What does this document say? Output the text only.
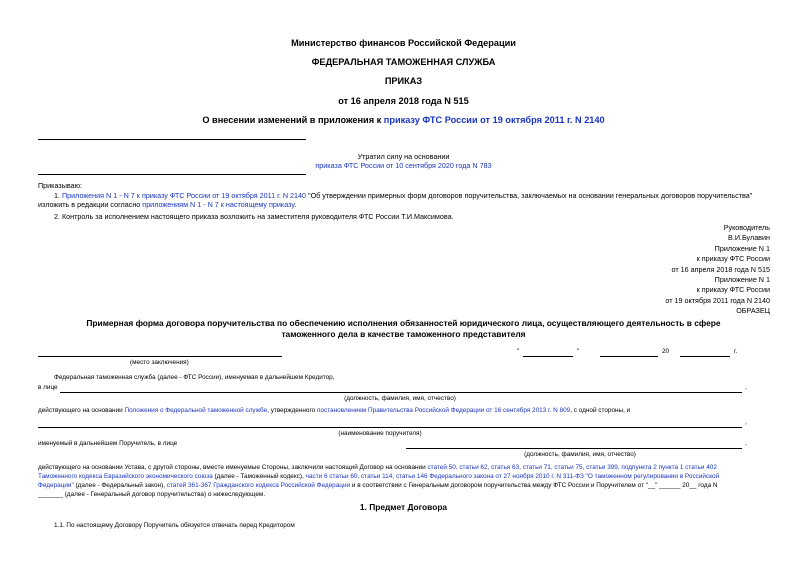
Министерство финансов Российской Федерации
ФЕДЕРАЛЬНАЯ ТАМОЖЕННАЯ СЛУЖБА
ПРИКАЗ
от 16 апреля 2018 года N 515
О внесении изменений в приложения к приказу ФТС России от 19 октября 2011 г. N 2140
Утратил силу на основании
приказа ФТС России от 10 сентября 2020 года N 783
Приказываю:
1. Приложения N 1 - N 7 к приказу ФТС России от 19 октября 2011 г. N 2140 "Об утверждении примерных форм договоров поручительства, заключаемых на основании генеральных договоров поручительства"
изложить в редакции согласно приложениям N 1 - N 7 к настоящему приказу.
2. Контроль за исполнением настоящего приказа возложить на заместителя руководителя ФТС России Т.И.Максимова.
Руководитель
В.И.Булавин
Приложение N 1
к приказу ФТС России
от 16 апреля 2018 года N 515
Приложение N 1
к приказу ФТС России
от 19 октября 2011 года N 2140
ОБРАЗЕЦ
Примерная форма договора поручительства по обеспечению исполнения обязанностей юридического лица, осуществляющего деятельность в сфере
таможенного дела в качестве таможенного представителя
(место заключения)
"	"	20	г.
Федеральная таможенная служба (далее - ФТС России), именуемая в дальнейшем Кредитор,
в лице	,
(должность, фамилия, имя, отчество)
действующего на основании Положения о Федеральной таможенной службе, утвержденного постановлением Правительства Российской Федерации от 16 сентября 2013 г. N 809, с одной стороны, и
,
(наименование поручителя)
именуемый в дальнейшем Поручитель, в лице	,
(должность, фамилия, имя, отчество)
действующего на основании Устава, с другой стороны, вместе именуемые Стороны, заключили настоящий Договор на основании статей 50, статьи 62, статья 63, статьи 71, статьи 75, статьи 399, подпункта 2 пункта 1 статьи 402
Таможенного кодекса Евразийского экономического союза (далее - Таможенный кодекс), части 6 статьи 60, статьи 114, статьи 146 Федерального закона от 27 ноября 2010 г. N 311-ФЗ "О таможенном регулировании в Российской
Федерации" (далее - Федеральный закон), статей 361-367 Гражданского кодекса Российской Федерации и в соответствии с Генеральным договором поручительства между ФТС России и Поручителем от "__" ______ 20__ года N
_______ (далее - Генеральный договор поручительства) о нижеследующем.
1. Предмет Договора
1.1. По настоящему Договору Поручитель обязуется отвечать перед Кредитором
